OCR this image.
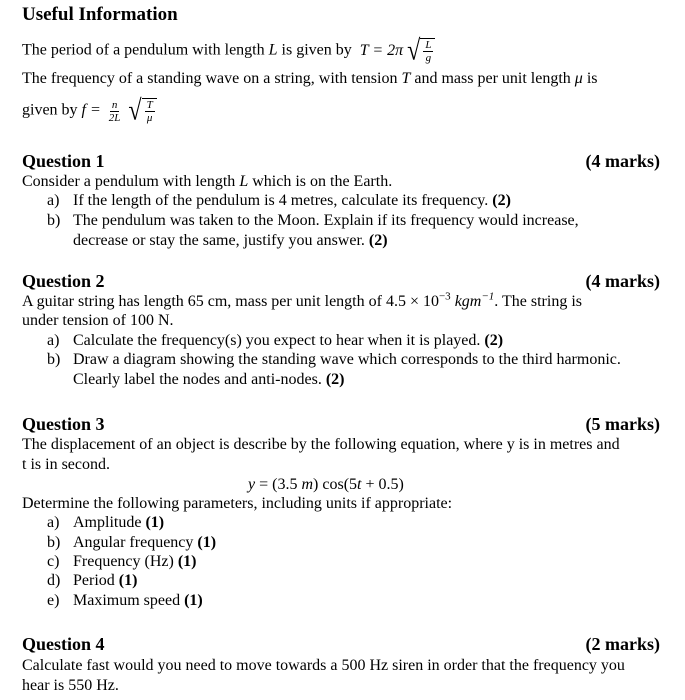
Useful Information
The period of a pendulum with length L is given by T = 2π √ $\frac{L}{g}$
The frequency of a standing wave on a string, with tension T and mass per unit length μ is
given by $f = \frac{n}{2L}$
√ $\frac{T}{\mu}$
Question 1	(4 marks)
Consider a pendulum with length L which is on the Earth.
a) If the length of the pendulum is 4 metres, calculate its frequency. (2)
b) The pendulum was taken to the Moon. Explain if its frequency would increase,
decrease or stay the same, justify you answer. (2)
Question 2	(4 marks)
A guitar string has length 65 cm, mass per unit length of $4.5 \times 10^{-3}$ kgm$^{-1}$. The string is
under tension of 100 N.
a) Calculate the frequency(s) you expect to hear when it is played. (2)
b) Draw a diagram showing the standing wave which corresponds to the third harmonic.
Clearly label the nodes and anti-nodes. (2)
Question 3	(5 marks)
The displacement of an object is describe by the following equation, where y is in metres and
t is in second.
y = (3.5 m) cos(5t + 0.5)
Determine the following parameters, including units if appropriate:
a) Amplitude (1)
b) Angular frequency (1)
c) Frequency (Hz) (1)
d) Period (1)
e) Maximum speed (1)
Question 4	(2 marks)
Calculate fast would you need to move towards a 500 Hz siren in order that the frequency you
hear is 550 Hz.
